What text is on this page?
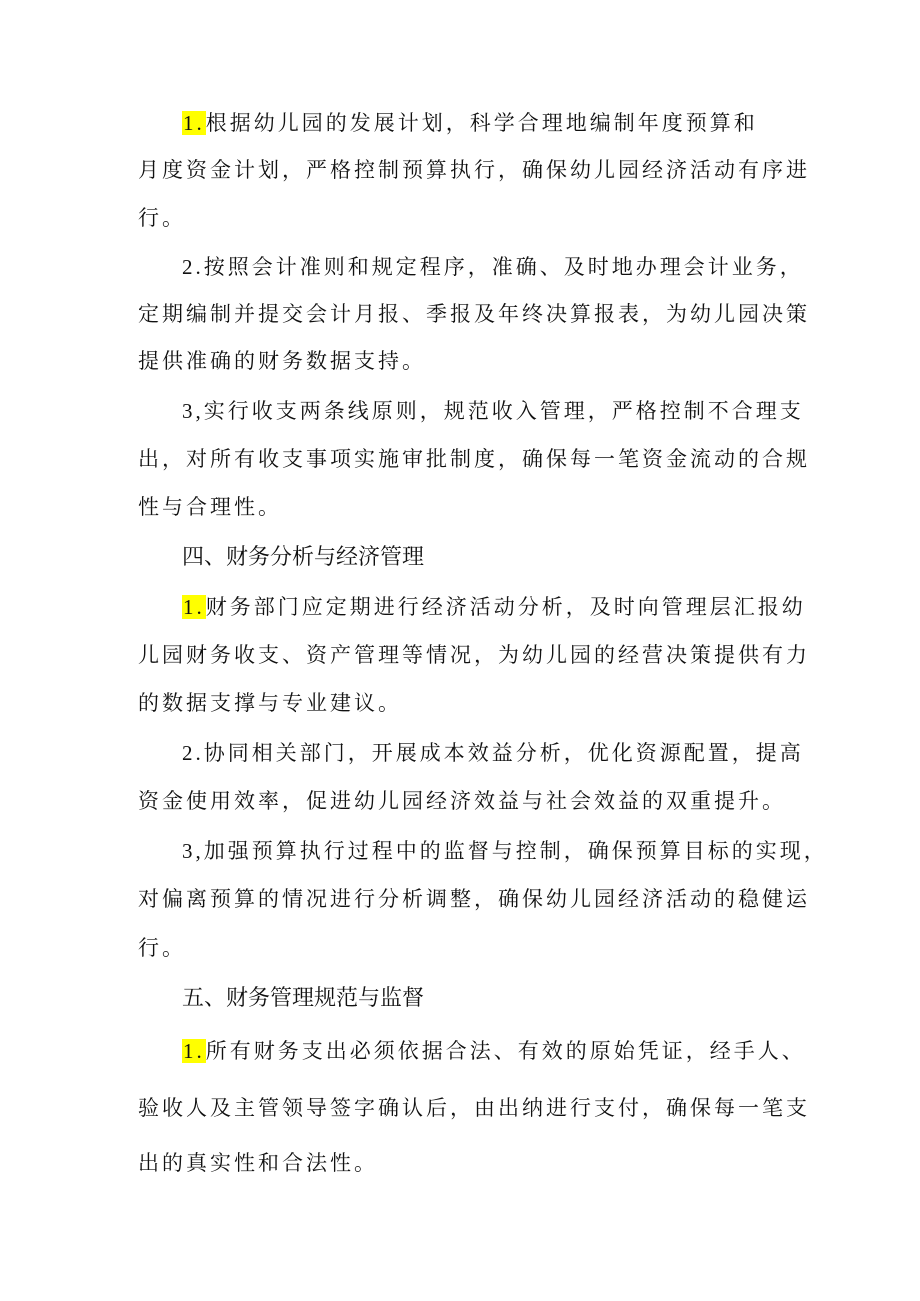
1.根据幼儿园的发展计划，科学合理地编制年度预算和
月度资金计划，严格控制预算执行，确保幼儿园经济活动有序进
行。
2.按照会计准则和规定程序，准确、及时地办理会计业务，
定期编制并提交会计月报、季报及年终决算报表，为幼儿园决策
提供准确的财务数据支持。
3,实行收支两条线原则，规范收入管理，严格控制不合理支
出，对所有收支事项实施审批制度，确保每一笔资金流动的合规
性与合理性。
四、财务分析与经济管理
1.财务部门应定期进行经济活动分析，及时向管理层汇报幼
儿园财务收支、资产管理等情况，为幼儿园的经营决策提供有力
的数据支撑与专业建议。
2.协同相关部门，开展成本效益分析，优化资源配置，提高
资金使用效率，促进幼儿园经济效益与社会效益的双重提升。
3,加强预算执行过程中的监督与控制，确保预算目标的实现，
对偏离预算的情况进行分析调整，确保幼儿园经济活动的稳健运
行。
五、财务管理规范与监督
1.所有财务支出必须依据合法、有效的原始凭证，经手人、
验收人及主管领导签字确认后，由出纳进行支付，确保每一笔支
出的真实性和合法性。
